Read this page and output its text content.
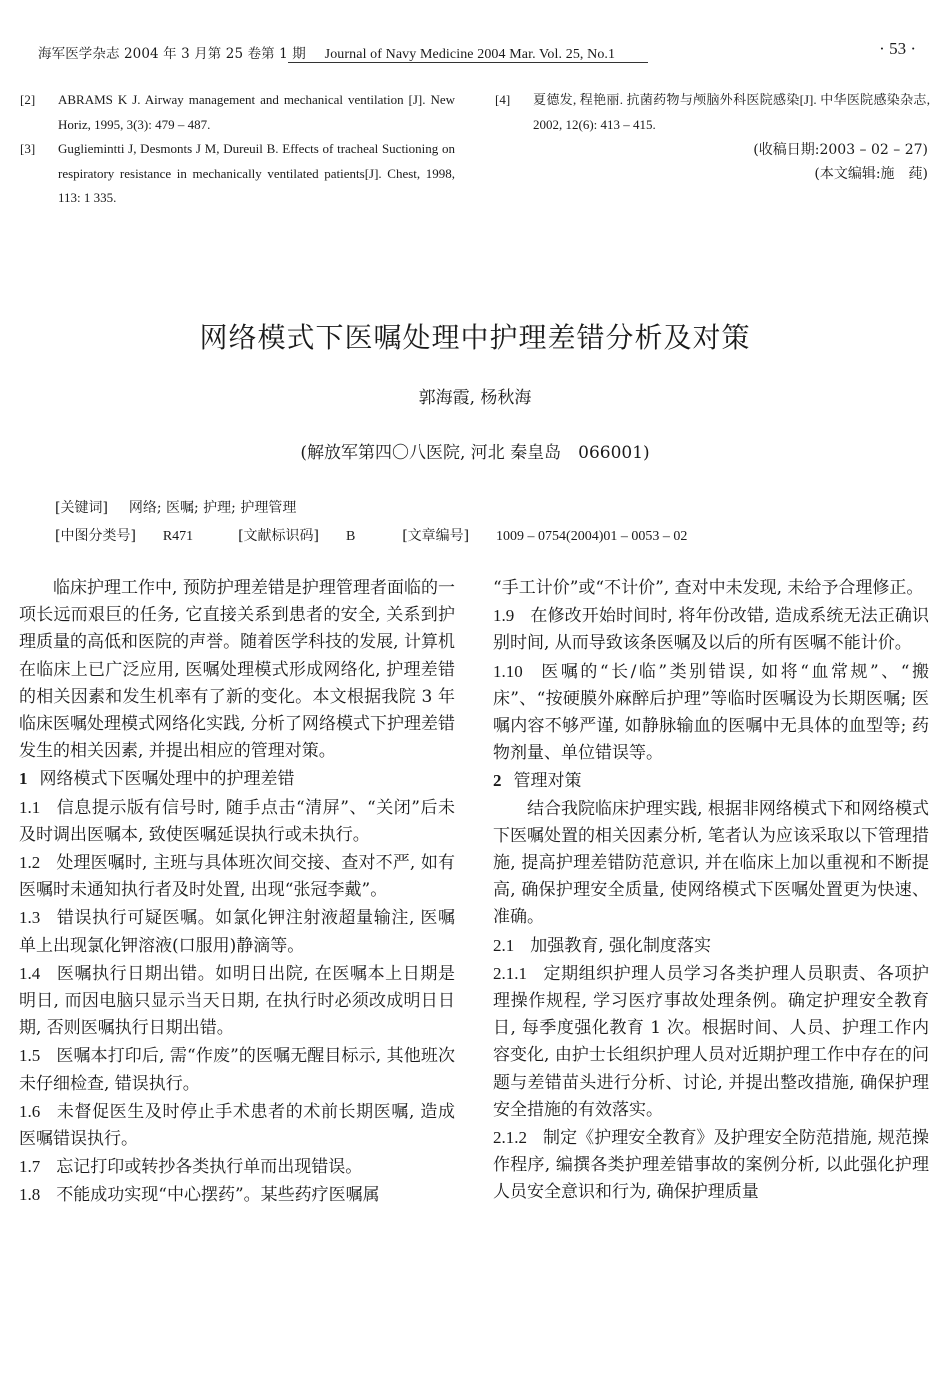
海军医学杂志 2004 年 3 月第 25 卷第 1 期 Journal of Navy Medicine 2004 Mar. Vol. 25, No.1	· 53 ·
[2] ABRAMS K J. Airway management and mechanical ventilation [J]. New Horiz, 1995, 3(3): 479 – 487.
[3] Gugliemintti J, Desmonts J M, Dureuil B. Effects of tracheal Suctioning on respiratory resistance in mechanically ventilated patients[J]. Chest, 1998, 113: 1 335.
[4] 夏德发, 程艳丽. 抗菌药物与颅脑外科医院感染[J]. 中华医院感染杂志, 2002, 12(6): 413 – 415.
(收稿日期:2003 – 02 – 27)
(本文编辑:施　莼)
网络模式下医嘱处理中护理差错分析及对策
郭海霞, 杨秋海
(解放军第四〇八医院, 河北 秦皇岛　066001)
[关键词] 网络; 医嘱; 护理; 护理管理
[中图分类号] R471	[文献标识码] B	[文章编号] 1009 – 0754(2004)01 – 0053 – 02

临床护理工作中, 预防护理差错是护理管理者面临的一项长远而艰巨的任务, 它直接关系到患者的安全, 关系到护理质量的高低和医院的声誉。随着医学科技的发展, 计算机在临床上已广泛应用, 医嘱处理模式形成网络化, 护理差错的相关因素和发生机率有了新的变化。本文根据我院 3 年临床医嘱处理模式网络化实践, 分析了网络模式下护理差错发生的相关因素, 并提出相应的管理对策。

1 网络模式下医嘱处理中的护理差错

1.1 信息提示版有信号时, 随手点击“清屏”、“关闭”后未及时调出医嘱本, 致使医嘱延误执行或未执行。

1.2 处理医嘱时, 主班与具体班次间交接、查对不严, 如有医嘱时未通知执行者及时处置, 出现“张冠李戴”。

1.3 错误执行可疑医嘱。如氯化钾注射液超量输注, 医嘱单上出现氯化钾溶液(口服用)静滴等。

1.4 医嘱执行日期出错。如明日出院, 在医嘱本上日期是明日, 而因电脑只显示当天日期, 在执行时必须改成明日日期, 否则医嘱执行日期出错。

1.5 医嘱本打印后, 需“作废”的医嘱无醒目标示, 其他班次未仔细检查, 错误执行。

1.6 未督促医生及时停止手术患者的术前长期医嘱, 造成医嘱错误执行。

1.7 忘记打印或转抄各类执行单而出现错误。

1.8 不能成功实现“中心摆药”。某些药疗医嘱属

“手工计价”或“不计价”, 查对中未发现, 未给予合理修正。

1.9 在修改开始时间时, 将年份改错, 造成系统无法正确识别时间, 从而导致该条医嘱及以后的所有医嘱不能计价。

1.10 医嘱的“长/临”类别错误, 如将“血常规”、“搬床”、“按硬膜外麻醉后护理”等临时医嘱设为长期医嘱; 医嘱内容不够严谨, 如静脉输血的医嘱中无具体的血型等; 药物剂量、单位错误等。

2 管理对策

结合我院临床护理实践, 根据非网络模式下和网络模式下医嘱处置的相关因素分析, 笔者认为应该采取以下管理措施, 提高护理差错防范意识, 并在临床上加以重视和不断提高, 确保护理安全质量, 使网络模式下医嘱处置更为快速、准确。

2.1 加强教育, 强化制度落实

2.1.1 定期组织护理人员学习各类护理人员职责、各项护理操作规程, 学习医疗事故处理条例。确定护理安全教育日, 每季度强化教育 1 次。根据时间、人员、护理工作内容变化, 由护士长组织护理人员对近期护理工作中存在的问题与差错苗头进行分析、讨论, 并提出整改措施, 确保护理安全措施的有效落实。

2.1.2 制定《护理安全教育》及护理安全防范措施, 规范操作程序, 编撰各类护理差错事故的案例分析, 以此强化护理人员安全意识和行为, 确保护理质量
